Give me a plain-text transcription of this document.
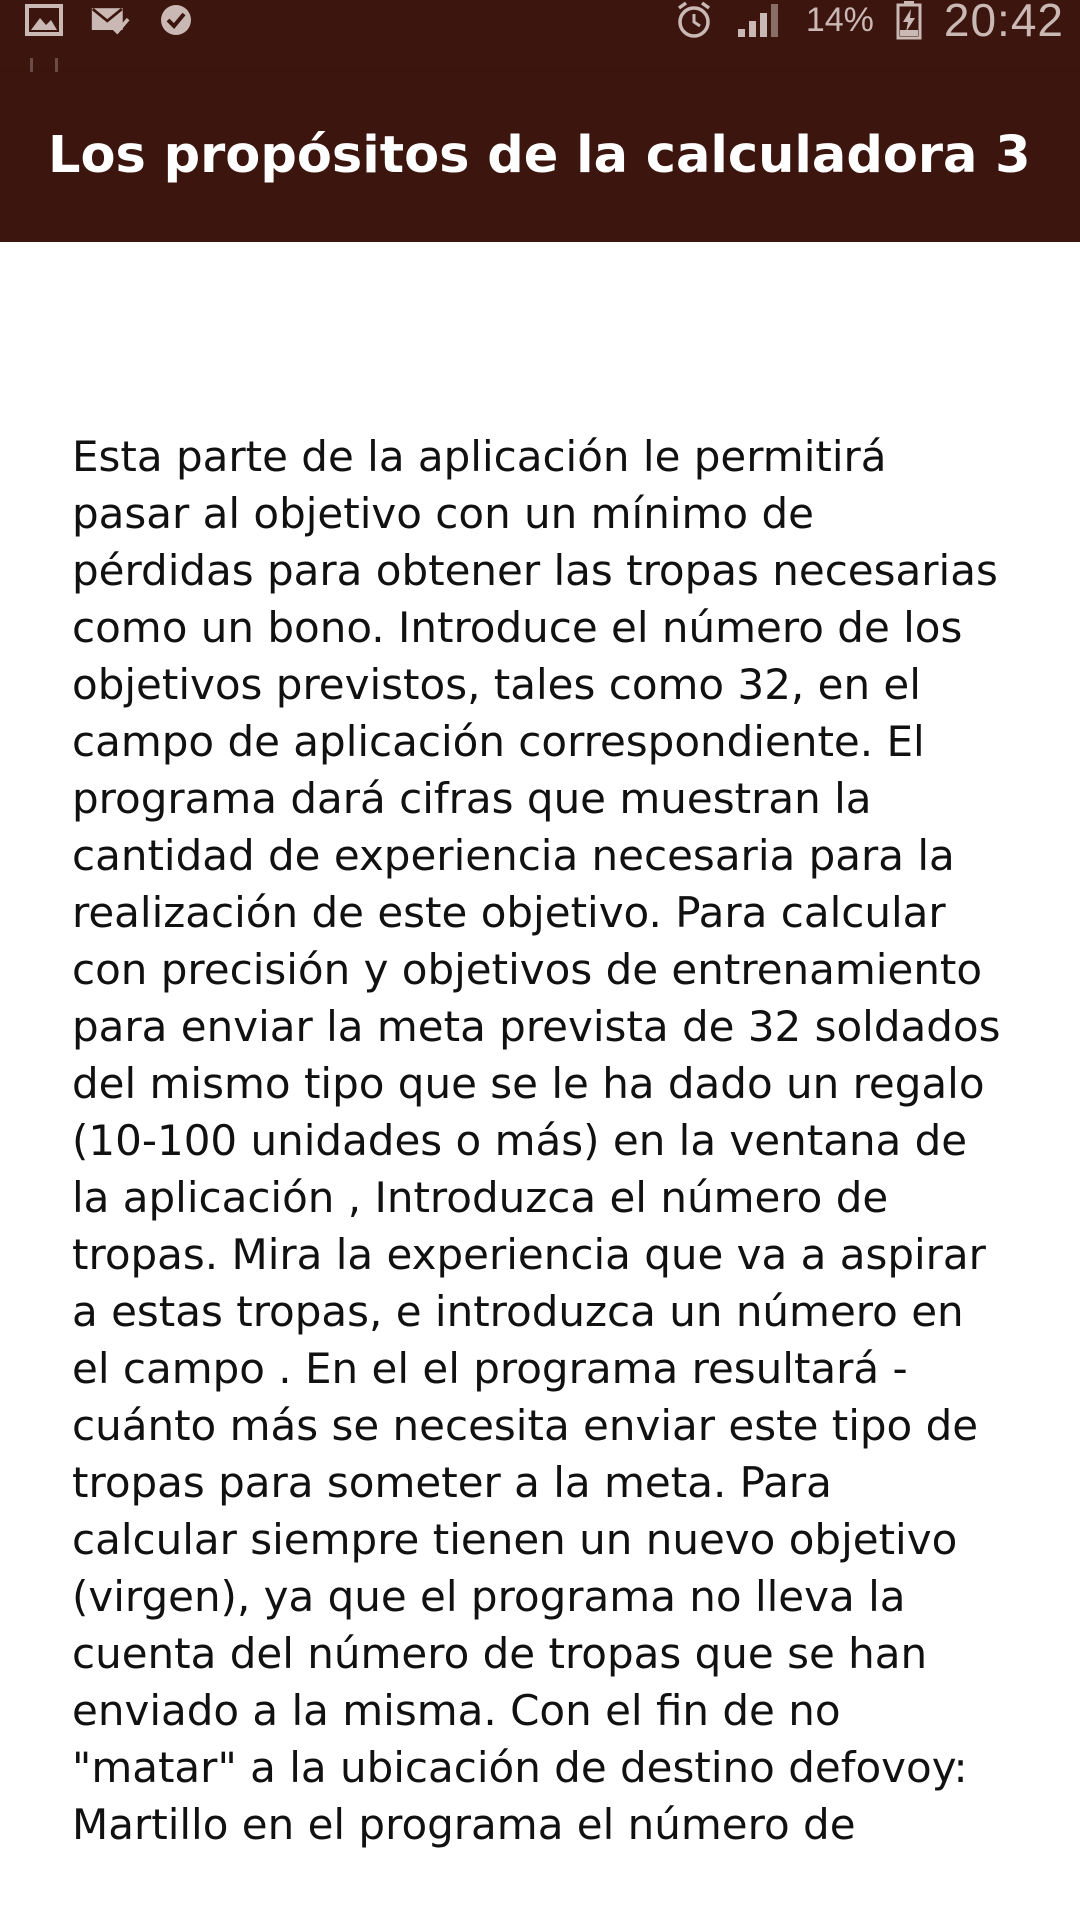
14% 20:42
Los propósitos de la calculadora 3

Esta parte de la aplicación le permitirá
pasar al objetivo con un mínimo de
pérdidas para obtener las tropas necesarias
como un bono. Introduce el número de los
objetivos previstos, tales como 32, en el
campo de aplicación correspondiente. El
programa dará cifras que muestran la
cantidad de experiencia necesaria para la
realización de este objetivo. Para calcular
con precisión y objetivos de entrenamiento
para enviar la meta prevista de 32 soldados
del mismo tipo que se le ha dado un regalo
(10-100 unidades o más) en la ventana de
la aplicación , Introduzca el número de
tropas. Mira la experiencia que va a aspirar
a estas tropas, e introduzca un número en
el campo . En el el programa resultará -
cuánto más se necesita enviar este tipo de
tropas para someter a la meta. Para
calcular siempre tienen un nuevo objetivo
(virgen), ya que el programa no lleva la
cuenta del número de tropas que se han
enviado a la misma. Con el fin de no
"matar" a la ubicación de destino defovoy:
Martillo en el programa el número de
